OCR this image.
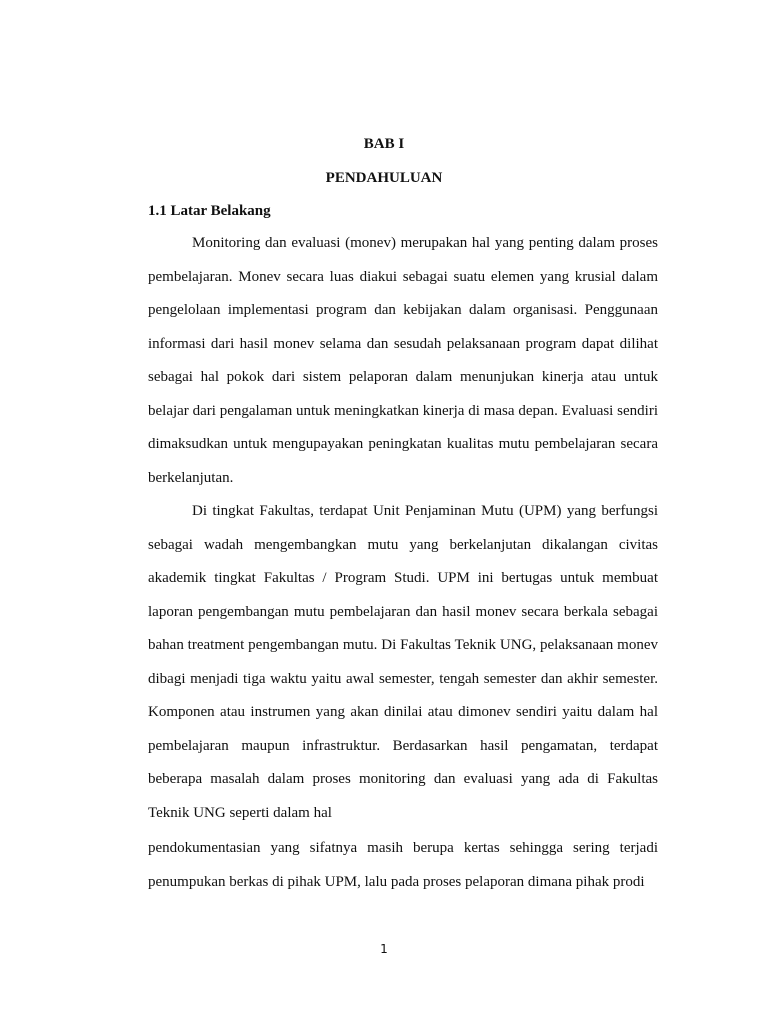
BAB I
PENDAHULUAN
1.1 Latar Belakang

Monitoring dan evaluasi (monev) merupakan hal yang penting dalam proses pembelajaran. Monev secara luas diakui sebagai suatu elemen yang krusial dalam pengelolaan implementasi program dan kebijakan dalam organisasi. Penggunaan informasi dari hasil monev selama dan sesudah pelaksanaan program dapat dilihat sebagai hal pokok dari sistem pelaporan dalam menunjukan kinerja atau untuk belajar dari pengalaman untuk meningkatkan kinerja di masa depan. Evaluasi sendiri dimaksudkan untuk mengupayakan peningkatan kualitas mutu pembelajaran secara berkelanjutan.

Di tingkat Fakultas, terdapat Unit Penjaminan Mutu (UPM) yang berfungsi sebagai wadah mengembangkan mutu yang berkelanjutan dikalangan civitas akademik tingkat Fakultas / Program Studi. UPM ini bertugas untuk membuat laporan pengembangan mutu pembelajaran dan hasil monev secara berkala sebagai bahan treatment pengembangan mutu. Di Fakultas Teknik UNG, pelaksanaan monev dibagi menjadi tiga waktu yaitu awal semester, tengah semester dan akhir semester. Komponen atau instrumen yang akan dinilai atau dimonev sendiri yaitu dalam hal pembelajaran maupun infrastruktur. Berdasarkan hasil pengamatan, terdapat beberapa masalah dalam proses monitoring dan evaluasi yang ada di Fakultas Teknik UNG seperti dalam hal

pendokumentasian yang sifatnya masih berupa kertas sehingga sering terjadi penumpukan berkas di pihak UPM, lalu pada proses pelaporan dimana pihak prodi

1
